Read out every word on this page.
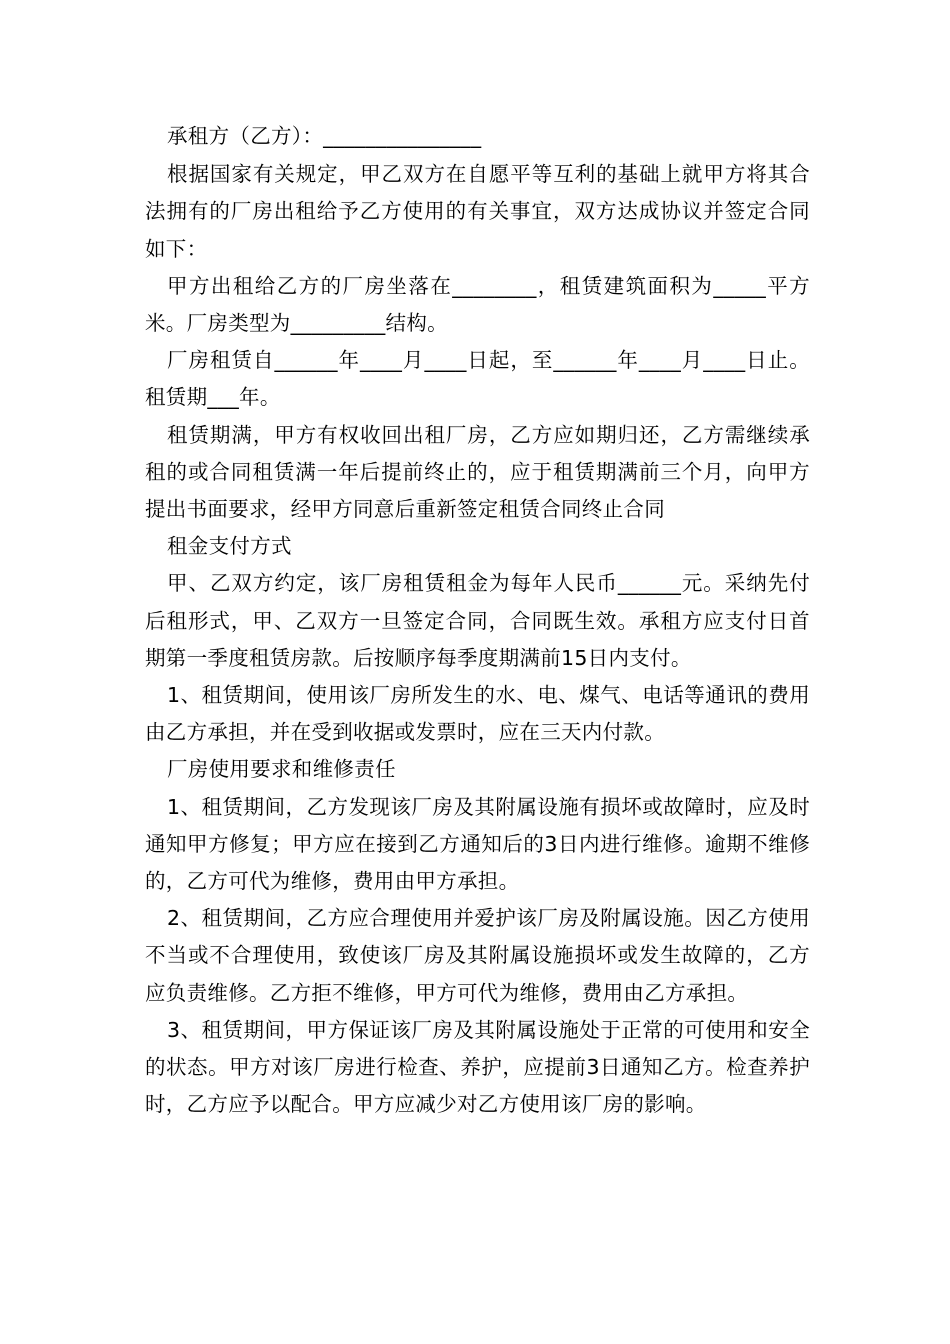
承租方（乙方）：_______________

根据国家有关规定，甲乙双方在自愿平等互利的基础上就甲方将其合法拥有的厂房出租给予乙方使用的有关事宜，双方达成协议并签定合同如下：

甲方出租给乙方的厂房坐落在________，租赁建筑面积为_____平方米。厂房类型为_________结构。

厂房租赁自______年____月____日起，至______年____月____日止。租赁期___年。

租赁期满，甲方有权收回出租厂房，乙方应如期归还，乙方需继续承租的或合同租赁满一年后提前终止的，应于租赁期满前三个月，向甲方提出书面要求，经甲方同意后重新签定租赁合同终止合同

租金支付方式

甲、乙双方约定，该厂房租赁租金为每年人民币______元。采纳先付后租形式，甲、乙双方一旦签定合同，合同既生效。承租方应支付日首期第一季度租赁房款。后按顺序每季度期满前15日内支付。

1、租赁期间，使用该厂房所发生的水、电、煤气、电话等通讯的费用由乙方承担，并在受到收据或发票时，应在三天内付款。

厂房使用要求和维修责任

1、租赁期间，乙方发现该厂房及其附属设施有损坏或故障时，应及时通知甲方修复；甲方应在接到乙方通知后的3日内进行维修。逾期不维修的，乙方可代为维修，费用由甲方承担。

2、租赁期间，乙方应合理使用并爱护该厂房及附属设施。因乙方使用不当或不合理使用，致使该厂房及其附属设施损坏或发生故障的，乙方应负责维修。乙方拒不维修，甲方可代为维修，费用由乙方承担。

3、租赁期间，甲方保证该厂房及其附属设施处于正常的可使用和安全的状态。甲方对该厂房进行检查、养护，应提前3日通知乙方。检查养护时，乙方应予以配合。甲方应减少对乙方使用该厂房的影响。
